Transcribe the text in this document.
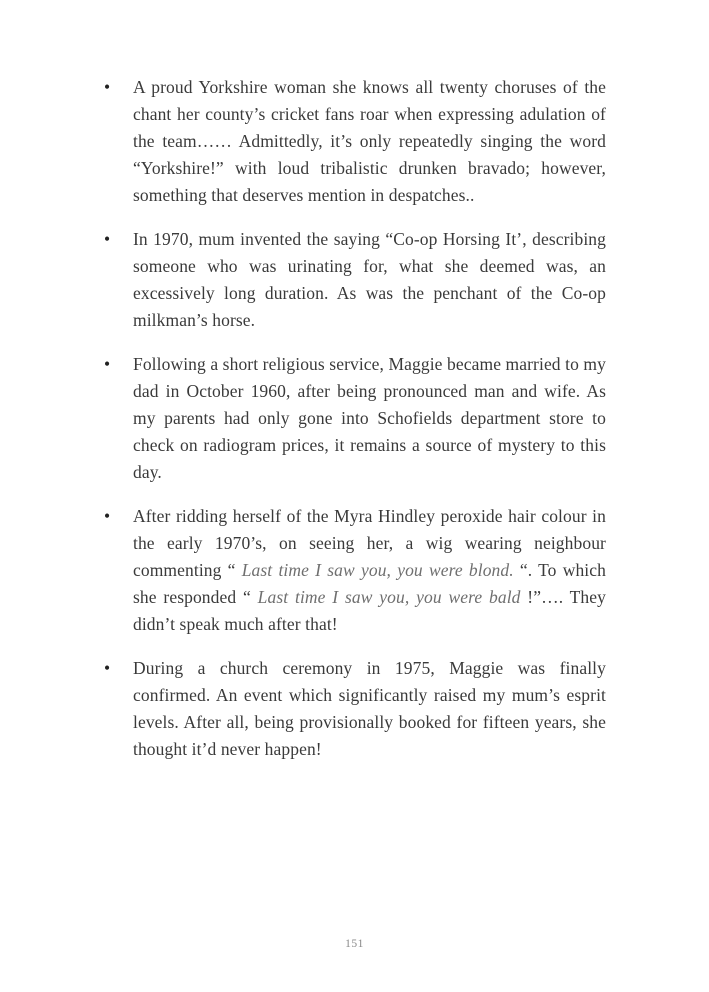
•	A proud Yorkshire woman she knows all twenty choruses of the chant her county’s cricket fans roar when expressing adulation of the team…… Admittedly, it’s only repeatedly singing the word “Yorkshire!” with loud tribalistic drunken bravado; however, something that deserves mention in despatches..
•	In 1970, mum invented the saying “Co-op Horsing It’, describing someone who was urinating for, what she deemed was, an excessively long duration. As was the penchant of the Co-op milkman’s horse.
•	Following a short religious service, Maggie became married to my dad in October 1960, after being pronounced man and wife. As my parents had only gone into Schofields department store to check on radiogram prices, it remains a source of mystery to this day.
•	After ridding herself of the Myra Hindley peroxide hair colour in the early 1970’s, on seeing her, a wig wearing neighbour commenting “ Last time I saw you, you were blond. “. To which she responded “ Last time I saw you, you were bald !”…. They didn’t speak much after that!
•	During a church ceremony in 1975, Maggie was finally confirmed. An event which significantly raised my mum’s esprit levels. After all, being provisionally booked for fifteen years, she thought it’d never happen!
151
